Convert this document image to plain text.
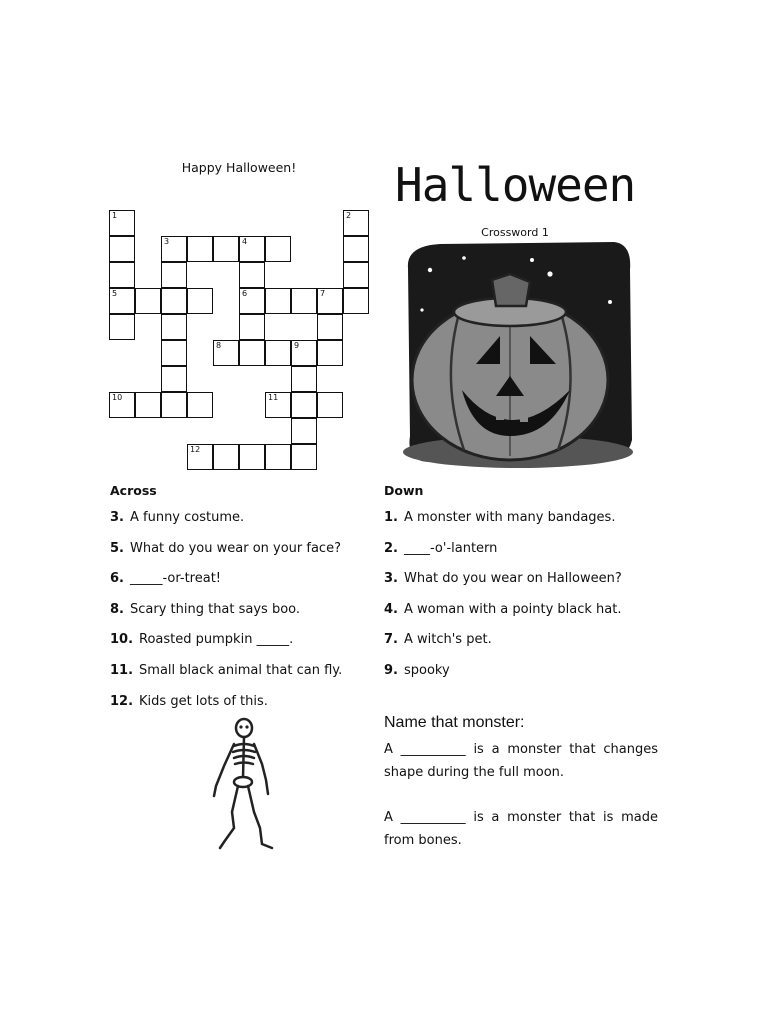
Happy Halloween!
1
5
2
3	4
6	7
8	9
10	11
12
Halloween
Crossword 1
Across
3. A funny costume.
5. What do you wear on your face?
6. _____-or-treat!
8. Scary thing that says boo.
10. Roasted pumpkin _____.
11. Small black animal that can fly.
12. Kids get lots of this.
Down
1. A monster with many bandages.
2. ____-o'-lantern
3. What do you wear on Halloween?
4. A woman with a pointy black hat.
7. A witch's pet.
9. spooky
Name that monster:

A __________ is a monster that changes shape during the full moon.

A __________ is a monster that is made from bones.
